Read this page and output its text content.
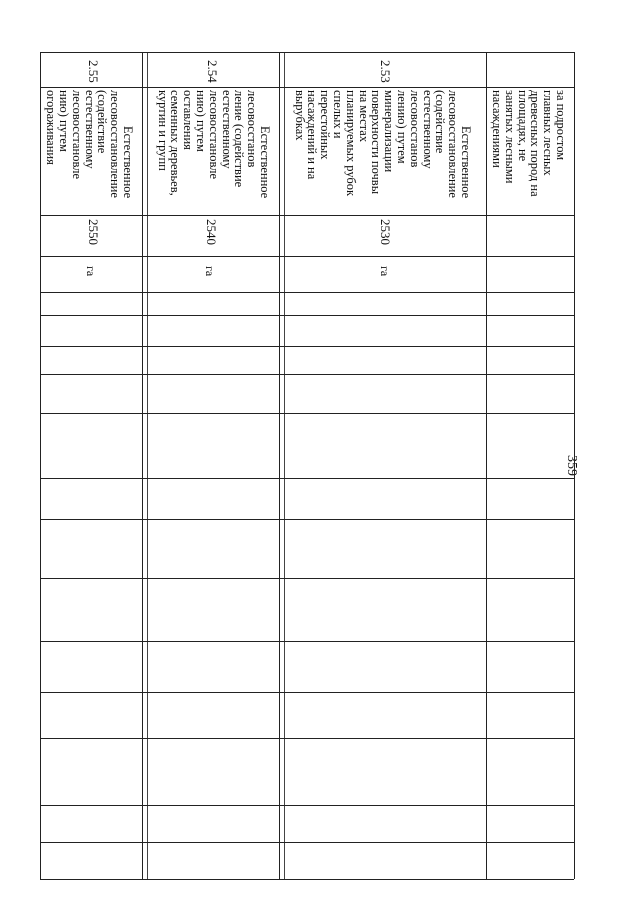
359
за подростом
главных лесных
древесных пород на
площадях, не
занятых лесными
насаждениями
2.53
Естественное
лесовосстановление
(содействие
естественному
лесовосстанов
лению) путем
минерализации
поверхности почвы
на местах
планируемых рубок
спелых и
перестойных
насаждений и на
вырубках
2530
га
2.54
Естественное
лесовосстанов
ление (содействие
естественному
лесовосстановле
нию) путем
оставления
семенных деревьев,
куртин и групп
2540
га
2.55
Естественное
лесовосстановление
(содействие
естественному
лесовосстановле
нию) путем
огораживания
2550
га
